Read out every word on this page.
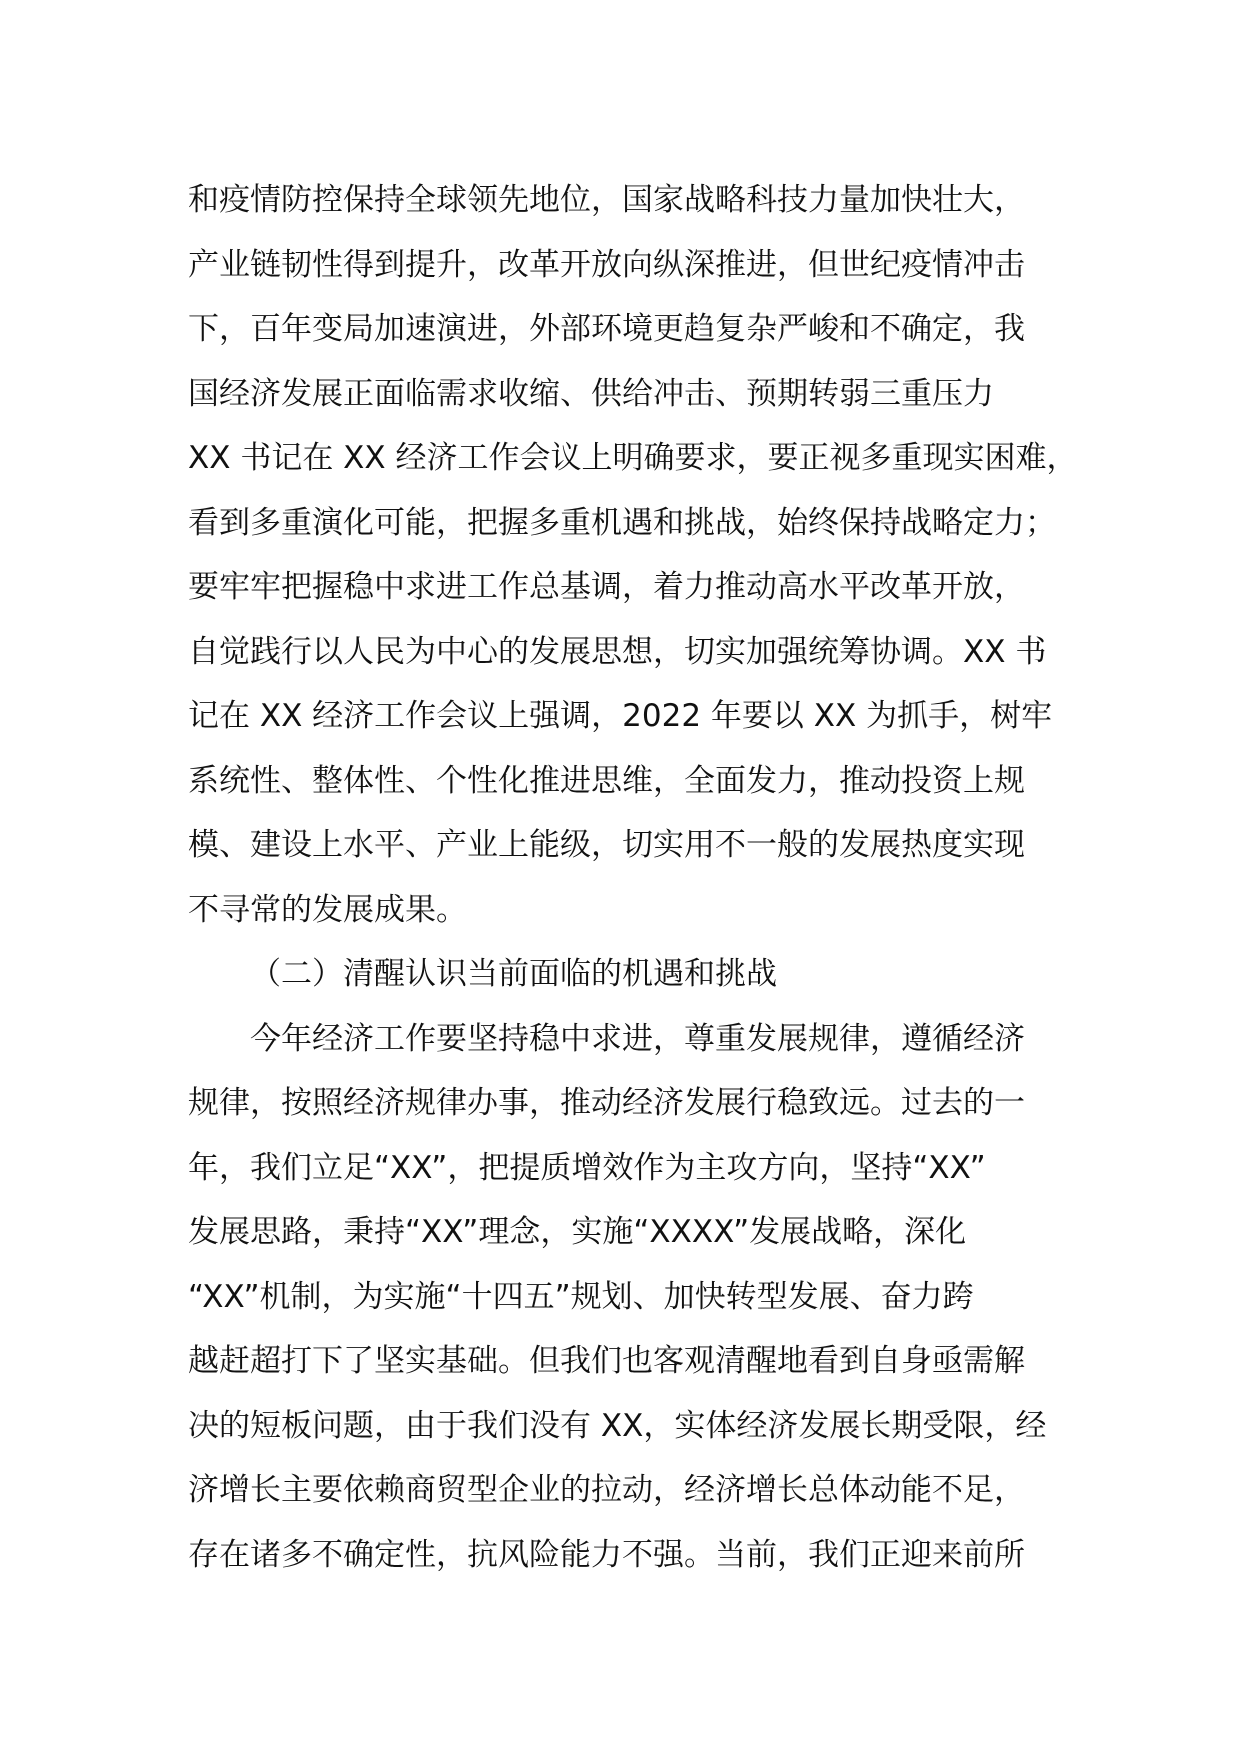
和疫情防控保持全球领先地位，国家战略科技力量加快壮大，
产业链韧性得到提升，改革开放向纵深推进，但世纪疫情冲击
下，百年变局加速演进，外部环境更趋复杂严峻和不确定，我
国经济发展正面临需求收缩、供给冲击、预期转弱三重压力
XX 书记在 XX 经济工作会议上明确要求，要正视多重现实困难，
看到多重演化可能，把握多重机遇和挑战，始终保持战略定力；
要牢牢把握稳中求进工作总基调，着力推动高水平改革开放，
自觉践行以人民为中心的发展思想，切实加强统筹协调。XX 书
记在 XX 经济工作会议上强调，2022 年要以 XX 为抓手，树牢
系统性、整体性、个性化推进思维，全面发力，推动投资上规
模、建设上水平、产业上能级，切实用不一般的发展热度实现
不寻常的发展成果。
（二）清醒认识当前面临的机遇和挑战
今年经济工作要坚持稳中求进，尊重发展规律，遵循经济
规律，按照经济规律办事，推动经济发展行稳致远。过去的一
年，我们立足“XX”，把提质增效作为主攻方向，坚持“XX”
发展思路，秉持“XX”理念，实施“XXXX”发展战略，深化
“XX”机制，为实施“十四五”规划、加快转型发展、奋力跨
越赶超打下了坚实基础。但我们也客观清醒地看到自身亟需解
决的短板问题，由于我们没有 XX，实体经济发展长期受限，经
济增长主要依赖商贸型企业的拉动，经济增长总体动能不足，
存在诸多不确定性，抗风险能力不强。当前，我们正迎来前所
